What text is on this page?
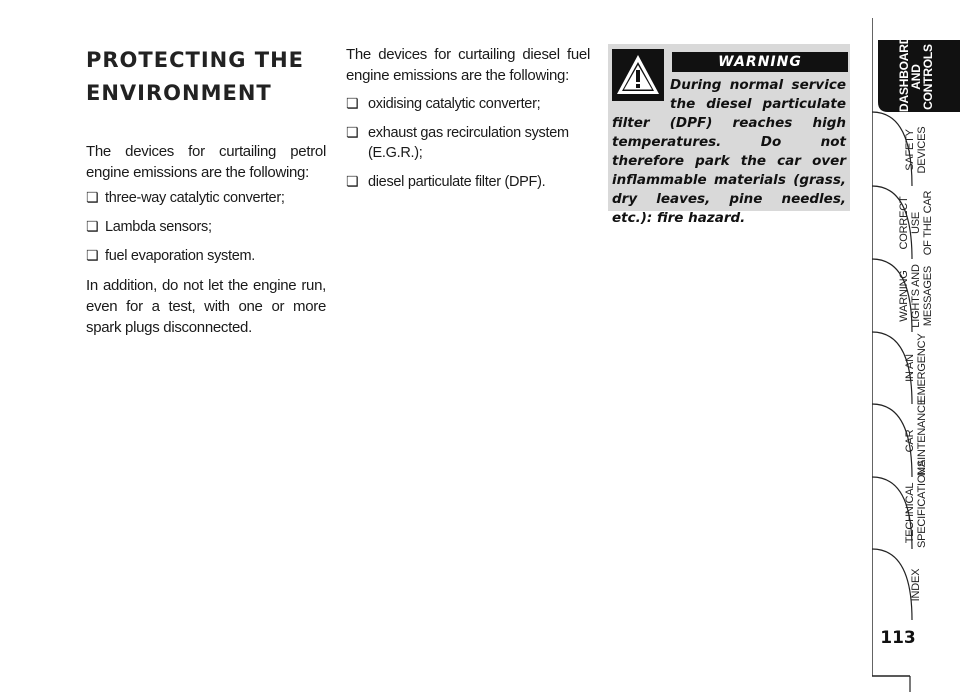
PROTECTING THE
ENVIRONMENT

The devices for curtailing petrol engine emissions are the following:

❏ three-way catalytic converter;
❏ Lambda sensors;
❏ fuel evaporation system.

In addition, do not let the engine run, even for a test, with one or more spark plugs disconnected.

The devices for curtailing diesel fuel engine emissions are the following:

❏ oxidising catalytic converter;
❏ exhaust gas recirculation system (E.G.R.);
❏ diesel particulate filter (DPF).
WARNING

During normal service the diesel particulate filter (DPF) reaches high temperatures. Do not therefore park the car over inflammable materials (grass, dry leaves, pine needles, etc.): fire hazard.

DASHBOARD
AND
CONTROLS
SAFETY
DEVICES
CORRECT USE
OF THE CAR
WARNING
LIGHTS AND
MESSAGES
IN AN
EMERGENCY
CAR
MAINTENANCE
TECHNICAL
SPECIFICATIONS
INDEX
113
